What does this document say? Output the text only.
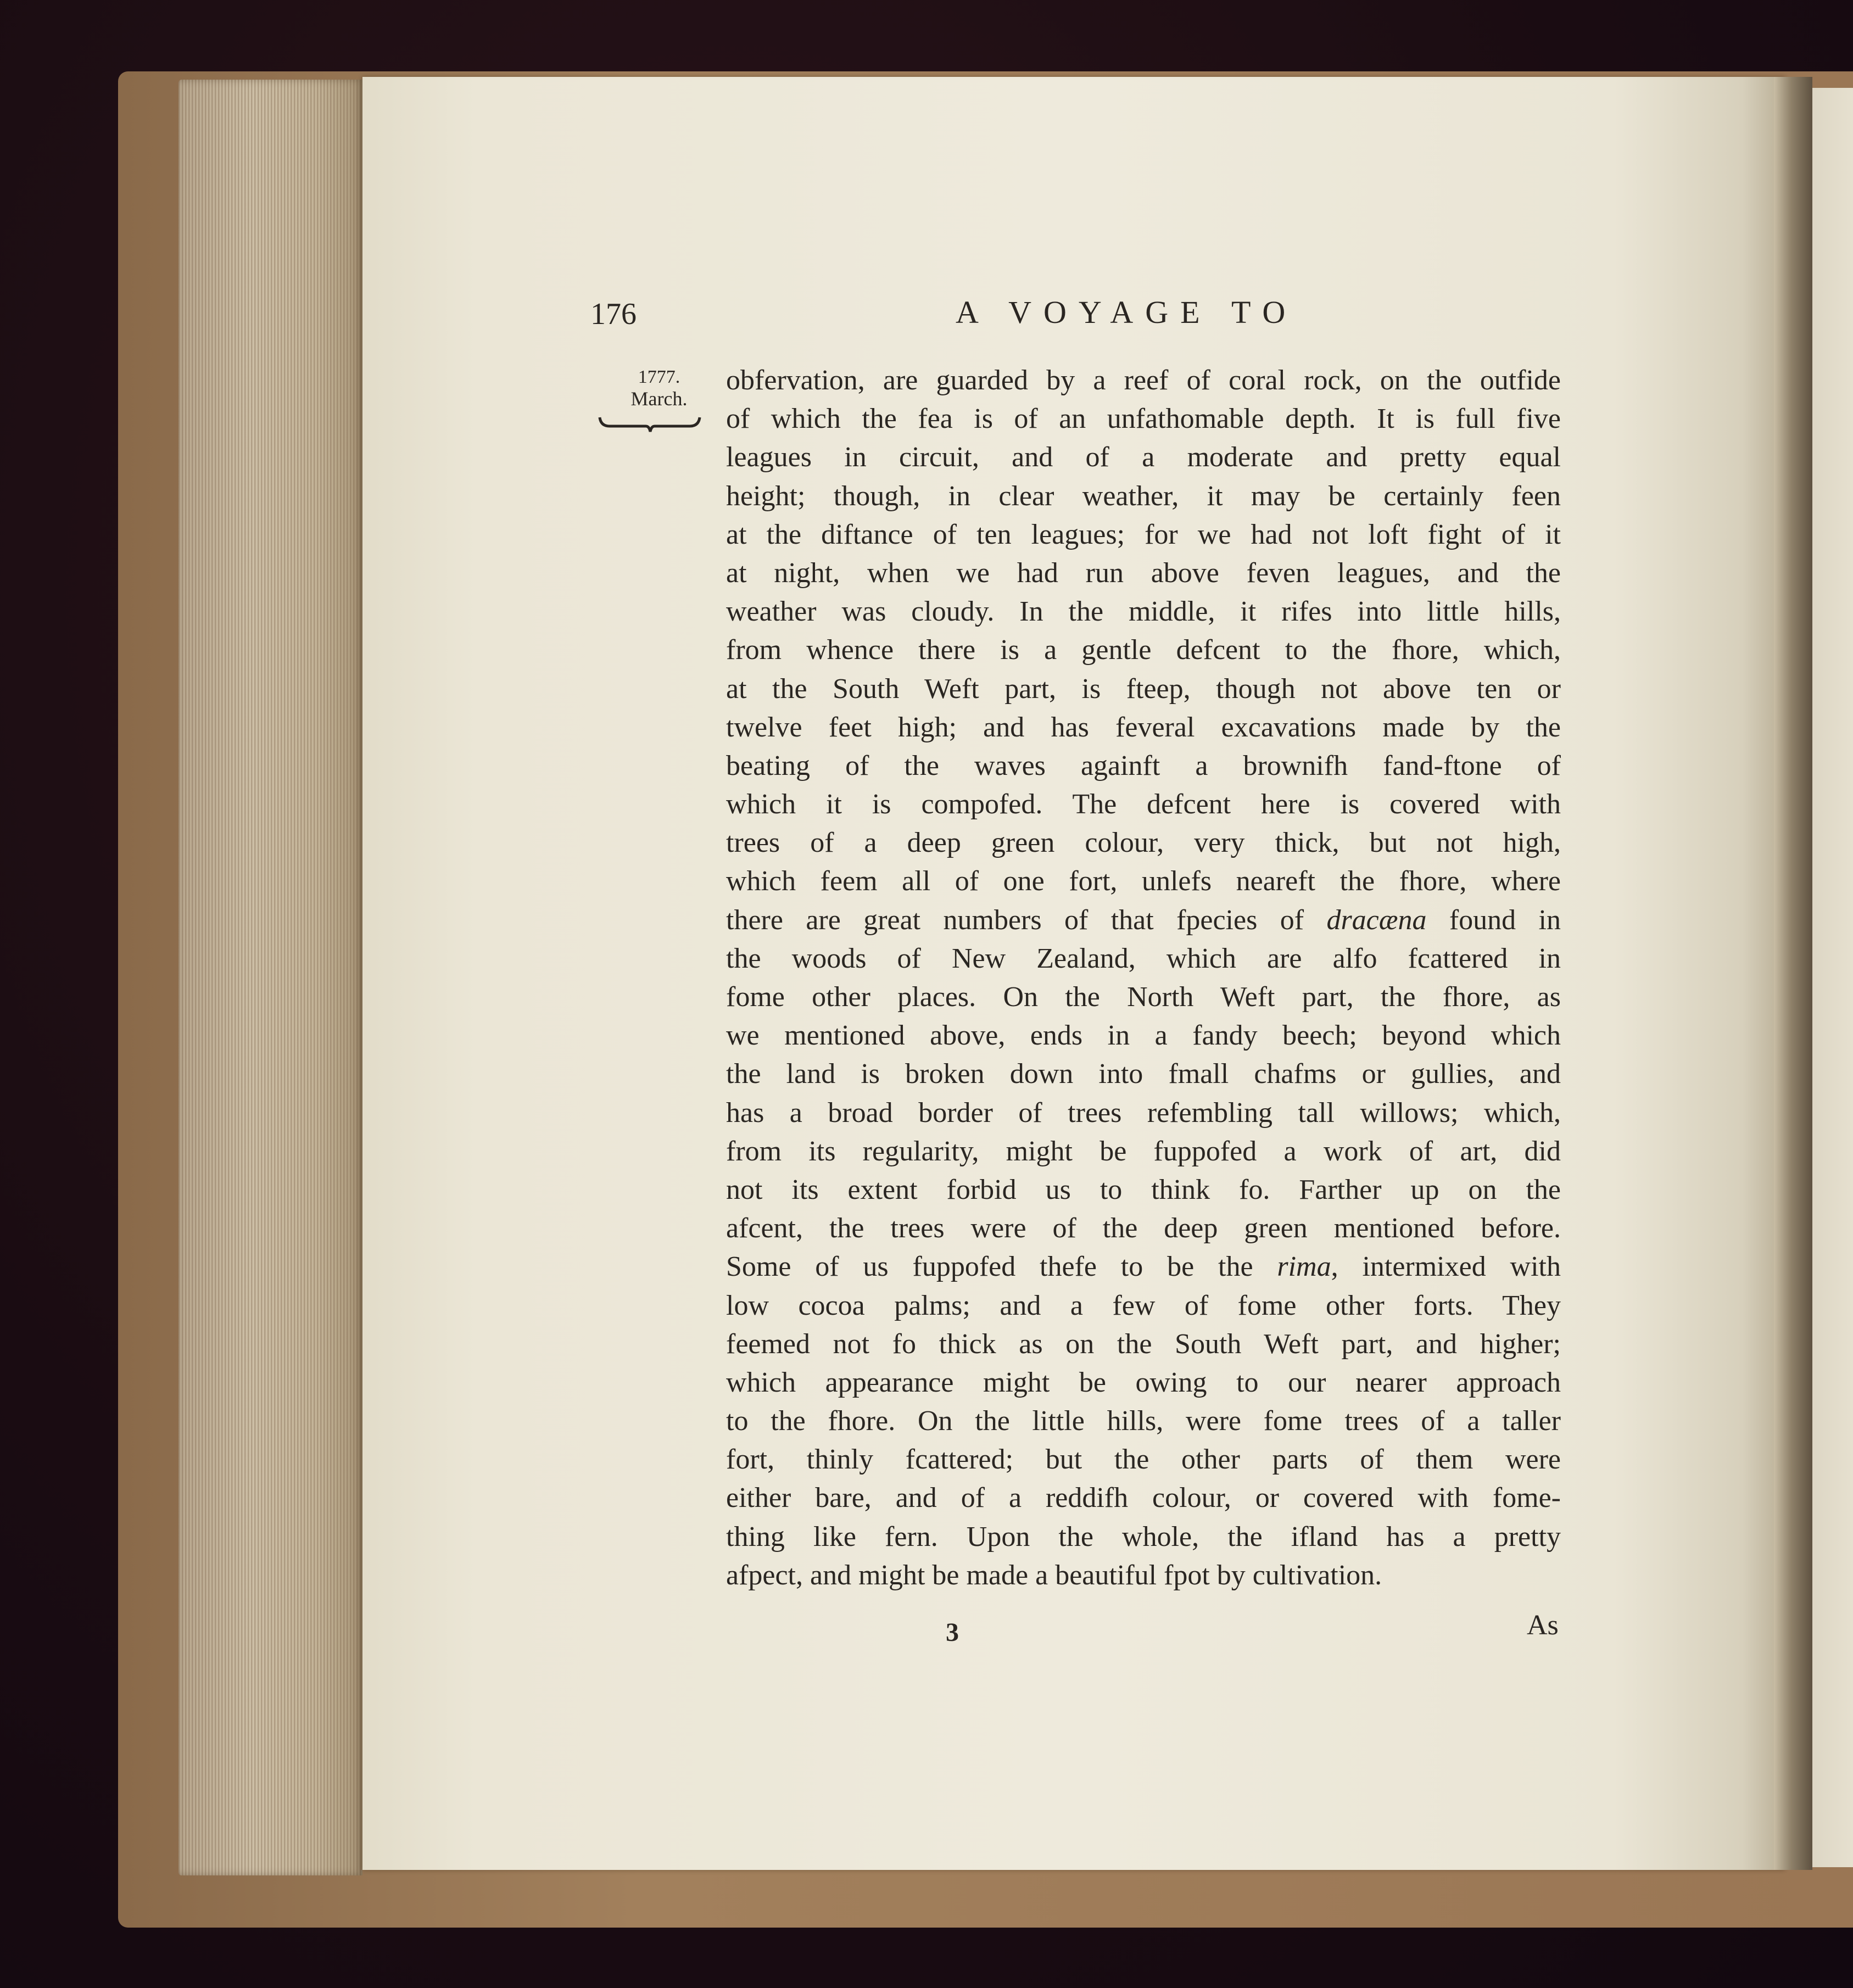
176	A VOYAGE TO
1777.
March.
obfervation, are guarded by a reef of coral rock, on the outfide
of which the fea is of an unfathomable depth. It is full five
leagues in circuit, and of a moderate and pretty equal
height; though, in clear weather, it may be certainly feen
at the diftance of ten leagues; for we had not loft fight of it
at night, when we had run above feven leagues, and the
weather was cloudy. In the middle, it rifes into little hills,
from whence there is a gentle defcent to the fhore, which,
at the South Weft part, is fteep, though not above ten or
twelve feet high; and has feveral excavations made by the
beating of the waves againft a brownifh fand-ftone of
which it is compofed. The defcent here is covered with
trees of a deep green colour, very thick, but not high,
which feem all of one fort, unlefs neareft the fhore, where
there are great numbers of that fpecies of dracæna found in
the woods of New Zealand, which are alfo fcattered in
fome other places. On the North Weft part, the fhore, as
we mentioned above, ends in a fandy beech; beyond which
the land is broken down into fmall chafms or gullies, and
has a broad border of trees refembling tall willows; which,
from its regularity, might be fuppofed a work of art, did
not its extent forbid us to think fo. Farther up on the
afcent, the trees were of the deep green mentioned before.
Some of us fuppofed thefe to be the rima, intermixed with
low cocoa palms; and a few of fome other forts. They
feemed not fo thick as on the South Weft part, and higher;
which appearance might be owing to our nearer approach
to the fhore. On the little hills, were fome trees of a taller
fort, thinly fcattered; but the other parts of them were
either bare, and of a reddifh colour, or covered with fome-
thing like fern. Upon the whole, the ifland has a pretty
afpect, and might be made a beautiful fpot by cultivation.
3	As
